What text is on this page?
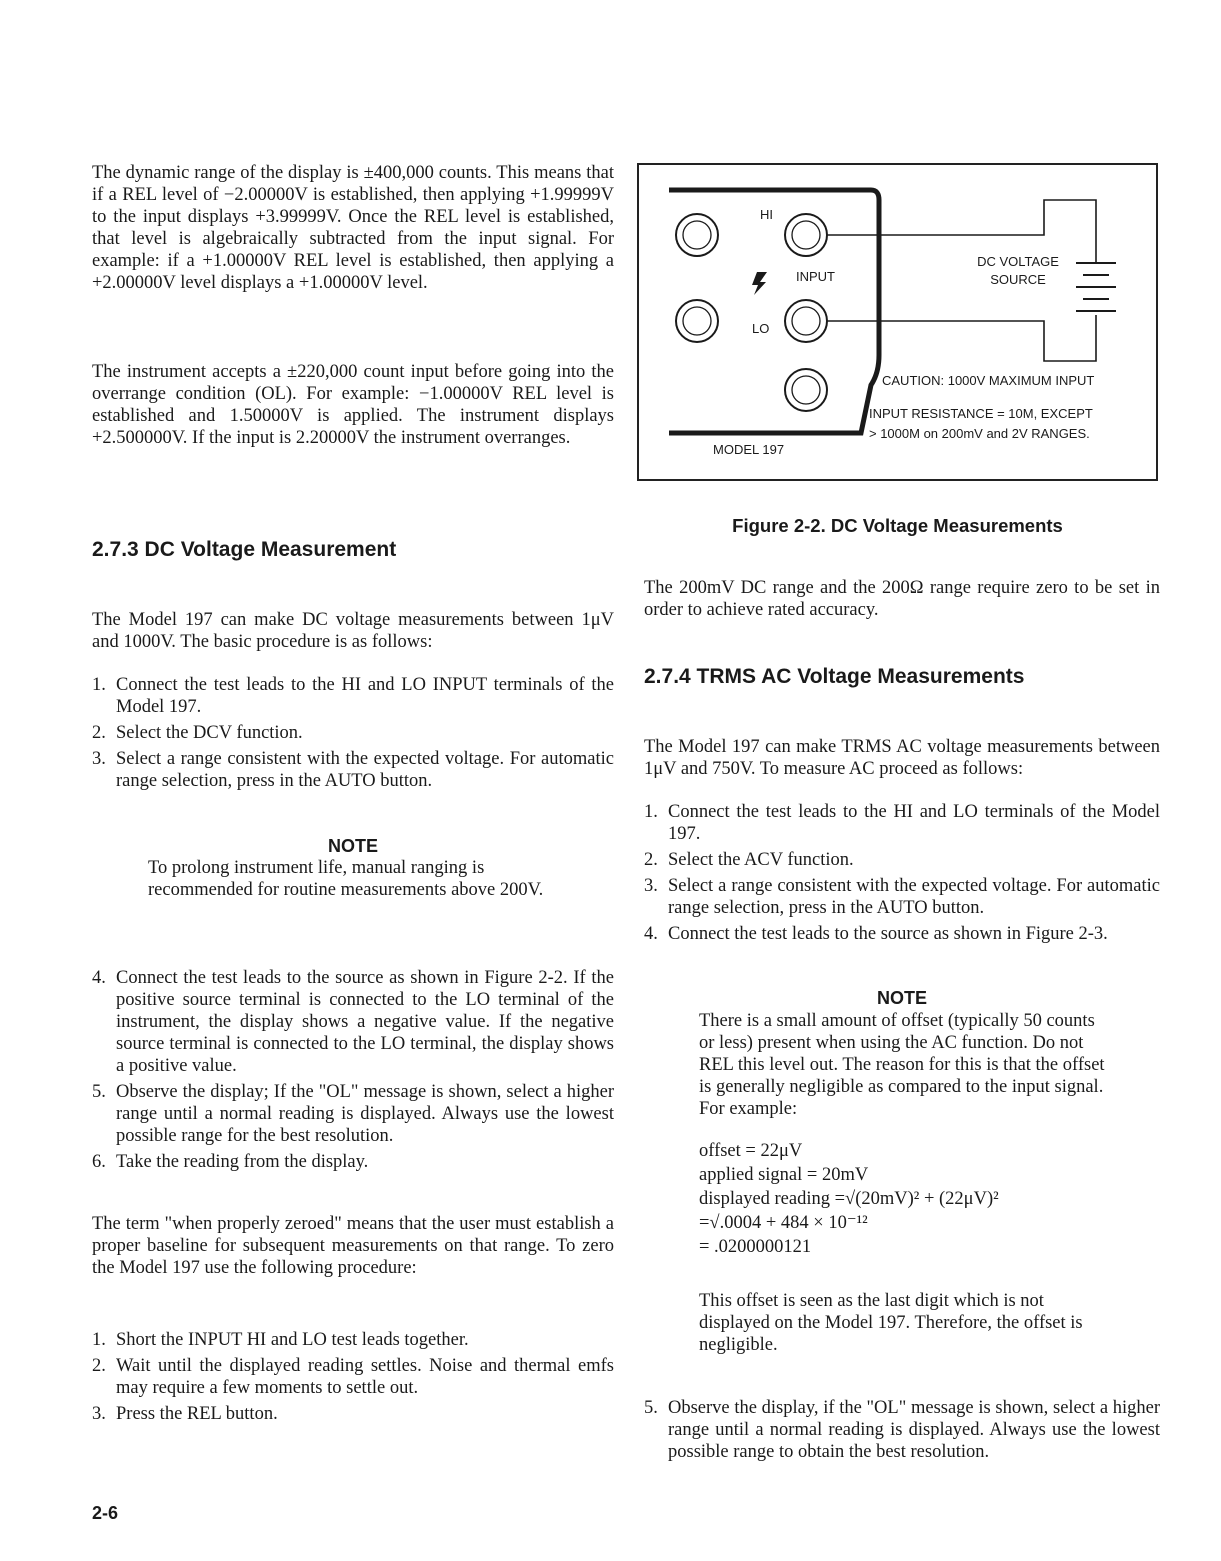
The dynamic range of the display is ±400,000 counts. This means that if a REL level of −2.00000V is established, then applying +1.99999V to the input displays +3.99999V. Once the REL level is established, that level is algebraically subtracted from the input signal. For example: if a +1.00000V REL level is established, then applying a +2.00000V level displays a +1.00000V level.

The instrument accepts a ±220,000 count input before going into the overrange condition (OL). For example: −1.00000V REL level is established and 1.50000V is applied. The instrument displays +2.500000V. If the input is 2.20000V the instrument overranges.

2.7.3 DC Voltage Measurement

The Model 197 can make DC voltage measurements between 1μV and 1000V. The basic procedure is as follows:

1. Connect the test leads to the HI and LO INPUT terminals of the Model 197.
2. Select the DCV function.
3. Select a range consistent with the expected voltage. For automatic range selection, press in the AUTO button.
NOTE

To prolong instrument life, manual ranging is recommended for routine measurements above 200V.

4. Connect the test leads to the source as shown in Figure 2-2. If the positive source terminal is connected to the LO terminal of the instrument, the display shows a negative value. If the negative source terminal is connected to the LO terminal, the display shows a positive value.
5. Observe the display; If the "OL" message is shown, select a higher range until a normal reading is displayed. Always use the lowest possible range for the best resolution.
6. Take the reading from the display.

The term "when properly zeroed" means that the user must establish a proper baseline for subsequent measurements on that range. To zero the Model 197 use the following procedure:

1. Short the INPUT HI and LO test leads together.
2. Wait until the displayed reading settles. Noise and thermal emfs may require a few moments to settle out.
3. Press the REL button.
2-6
HI
INPUT
LO
DC VOLTAGE
SOURCE
CAUTION: 1000V MAXIMUM INPUT
INPUT RESISTANCE = 10M, EXCEPT
> 1000M on 200mV and 2V RANGES.
MODEL 197
Figure 2-2. DC Voltage Measurements

The 200mV DC range and the 200Ω range require zero to be set in order to achieve rated accuracy.

2.7.4 TRMS AC Voltage Measurements

The Model 197 can make TRMS AC voltage measurements between 1μV and 750V. To measure AC proceed as follows:

1. Connect the test leads to the HI and LO terminals of the Model 197.
2. Select the ACV function.
3. Select a range consistent with the expected voltage. For automatic range selection, press in the AUTO button.
4. Connect the test leads to the source as shown in Figure 2-3.
NOTE

There is a small amount of offset (typically 50 counts or less) present when using the AC function. Do not REL this level out. The reason for this is that the offset is generally negligible as compared to the input signal. For example:

offset = 22μV
applied signal = 20mV
displayed reading =√(20mV)² + (22μV)²
=√.0004 + 484 × 10⁻¹²
= .0200000121

This offset is seen as the last digit which is not displayed on the Model 197. Therefore, the offset is negligible.

5. Observe the display, if the "OL" message is shown, select a higher range until a normal reading is displayed. Always use the lowest possible range to obtain the best resolution.
